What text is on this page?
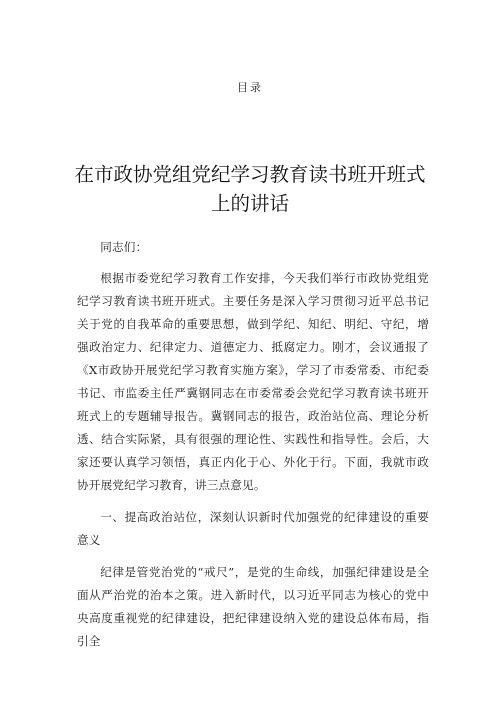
目录
在市政协党组党纪学习教育读书班开班式上的讲话

同志们：

根据市委党纪学习教育工作安排，今天我们举行市政协党组党纪学习教育读书班开班式。主要任务是深入学习贯彻习近平总书记关于党的自我革命的重要思想，做到学纪、知纪、明纪、守纪，增强政治定力、纪律定力、道德定力、抵腐定力。刚才，会议通报了《X市政协开展党纪学习教育实施方案》，学习了市委常委、市纪委书记、市监委主任严冀钢同志在市委常委会党纪学习教育读书班开班式上的专题辅导报告。冀钢同志的报告，政治站位高、理论分析透、结合实际紧，具有很强的理论性、实践性和指导性。会后，大家还要认真学习领悟，真正内化于心、外化于行。下面，我就市政协开展党纪学习教育，讲三点意见。

一、提高政治站位，深刻认识新时代加强党的纪律建设的重要意义

纪律是管党治党的“戒尺”，是党的生命线，加强纪律建设是全面从严治党的治本之策。进入新时代，以习近平同志为核心的党中央高度重视党的纪律建设，把纪律建设纳入党的建设总体布局，指引全
